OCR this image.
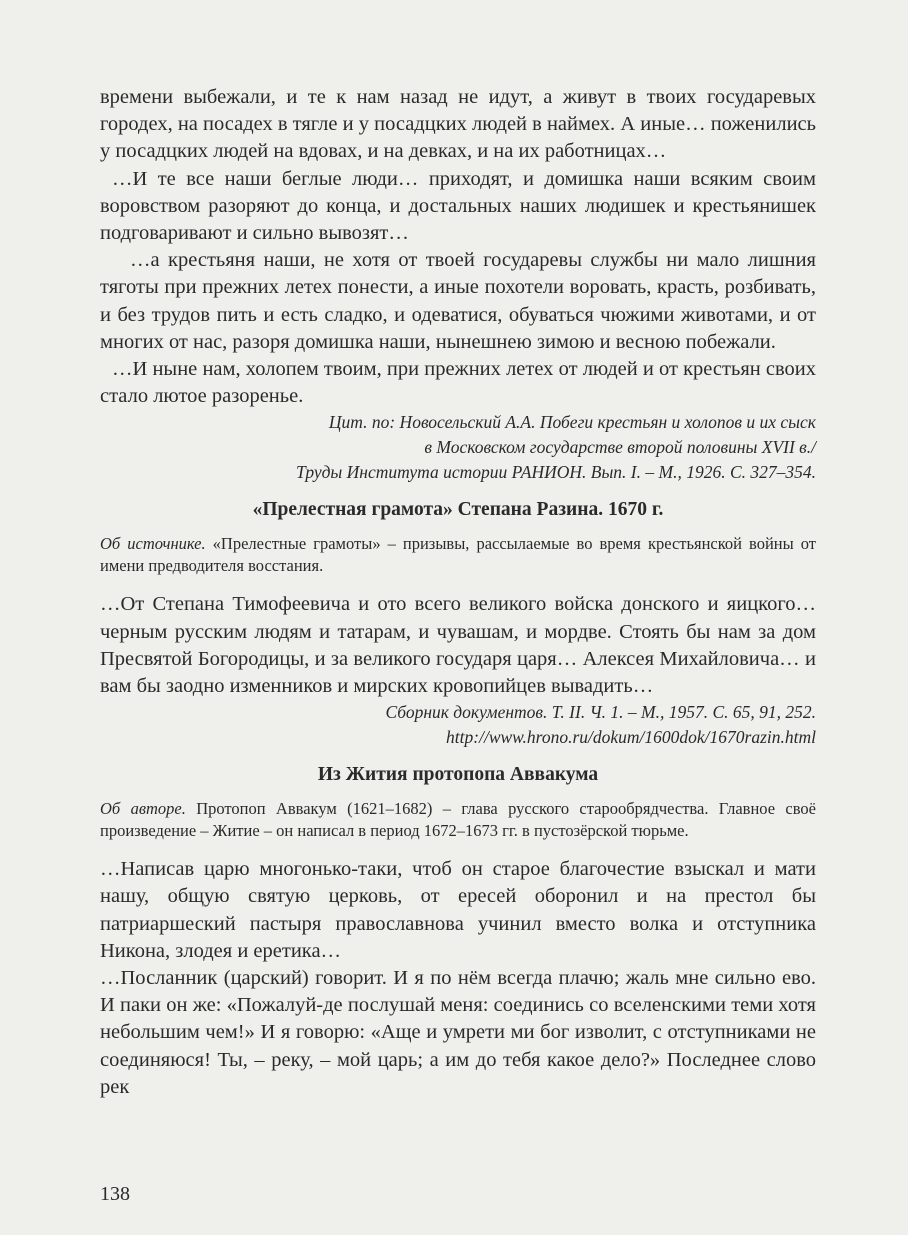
времени выбежали, и те к нам назад не идут, а живут в твоих государевых городех, на посадех в тягле и у посадцких людей в наймех. А иные… поженились у посадцких людей на вдовах, и на девках, и на их работницах…

…И те все наши беглые люди… приходят, и домишка наши всяким своим воровством разоряют до конца, и достальных наших людишек и крестьянишек подговаривают и сильно вывозят…

…а крестьяня наши, не хотя от твоей государевы службы ни мало лишния тяготы при прежних летех понести, а иные похотели воровать, красть, розбивать, и без трудов пить и есть сладко, и одеватися, обуваться чюжими животами, и от многих от нас, разоря домишка наши, нынешнею зимою и весною побежали.

…И ныне нам, холопем твоим, при прежних летех от людей и от крестьян своих стало лютое разоренье.

Цит. по: Новосельский А.А. Побеги крестьян и холопов и их сыск

в Московском государстве второй половины XVII в./

Труды Института истории РАНИОН. Вып. I. – М., 1926. С. 327–354.

«Прелестная грамота» Степана Разина. 1670 г.

Об источнике. «Прелестные грамоты» – призывы, рассылаемые во время крестьянской войны от имени предводителя восстания.

…От Степана Тимофеевича и ото всего великого войска донского и яицкого… черным русским людям и татарам, и чувашам, и мордве. Стоять бы нам за дом Пресвятой Богородицы, и за великого государя царя… Алексея Михайловича… и вам бы заодно изменников и мирских кровопийцев вывадить…

Сборник документов. Т. II. Ч. 1. – М., 1957. С. 65, 91, 252.

http://www.hrono.ru/dokum/1600dok/1670razin.html

Из Жития протопопа Аввакума

Об авторе. Протопоп Аввакум (1621–1682) – глава русского старообрядчества. Главное своё произведение – Житие – он написал в период 1672–1673 гг. в пустозёрской тюрьме.

…Написав царю многонько-таки, чтоб он старое благочестие взыскал и мати нашу, общую святую церковь, от ересей оборонил и на престол бы патриаршеский пастыря православнова учинил вместо волка и отступника Никона, злодея и еретика…

…Посланник (царский) говорит. И я по нём всегда плачю; жаль мне сильно ево. И паки он же: «Пожалуй-де послушай меня: соединись со вселенскими теми хотя небольшим чем!» И я говорю: «Аще и умрети ми бог изволит, с отступниками не соединяюся! Ты, – реку, – мой царь; а им до тебя какое дело?» Последнее слово рек

138
